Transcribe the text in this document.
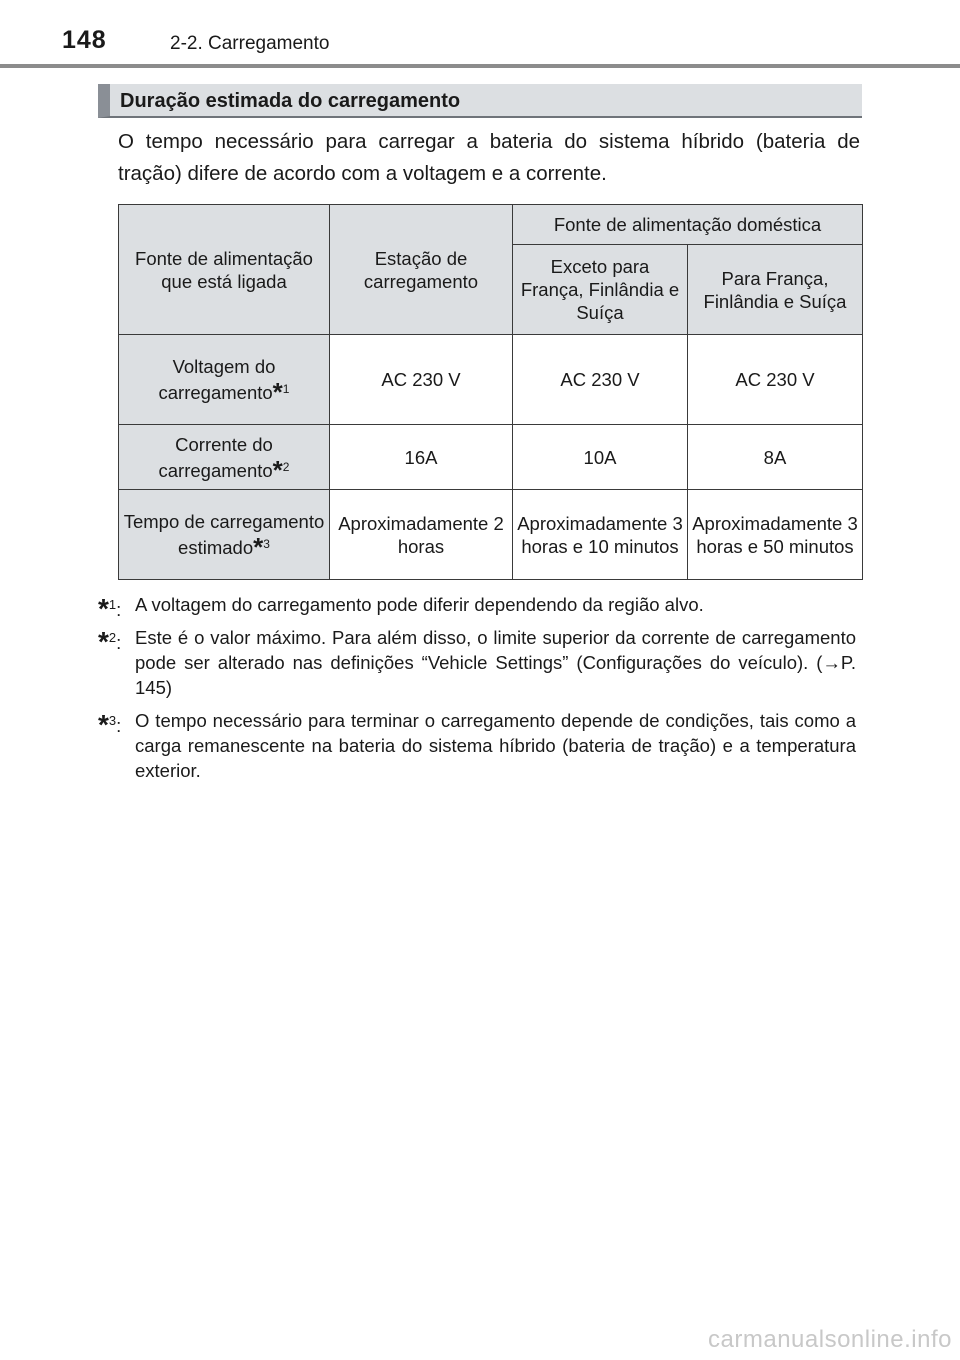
148	2-2. Carregamento
Duração estimada do carregamento

O tempo necessário para carregar a bateria do sistema híbrido (bateria de tração) difere de acordo com a voltagem e a corrente.

Fonte de alimentação que está ligada	Estação de carregamento	Fonte de alimentação doméstica	
		Exceto para França, Finlândia e Suíça	Para França, Finlândia e Suíça
Voltagem do carregamento*$^1$	AC 230 V	AC 230 V	AC 230 V
Corrente do carregamento*$^2$	16A	10A	8A
Tempo de carregamento estimado*$^3$	Aproximadamente 2 horas	Aproximadamente 3 horas e 10 minutos	Aproximadamente 3 horas e 50 minutos
*$^1$: A voltagem do carregamento pode diferir dependendo da região alvo.
*$^2$: Este é o valor máximo. Para além disso, o limite superior da corrente de carregamento pode ser alterado nas definições “Vehicle Settings” (Configurações do veículo). (→P. 145)
*$^3$: O tempo necessário para terminar o carregamento depende de condições, tais como a carga remanescente na bateria do sistema híbrido (bateria de tração) e a temperatura exterior.
carmanualsonline.info
